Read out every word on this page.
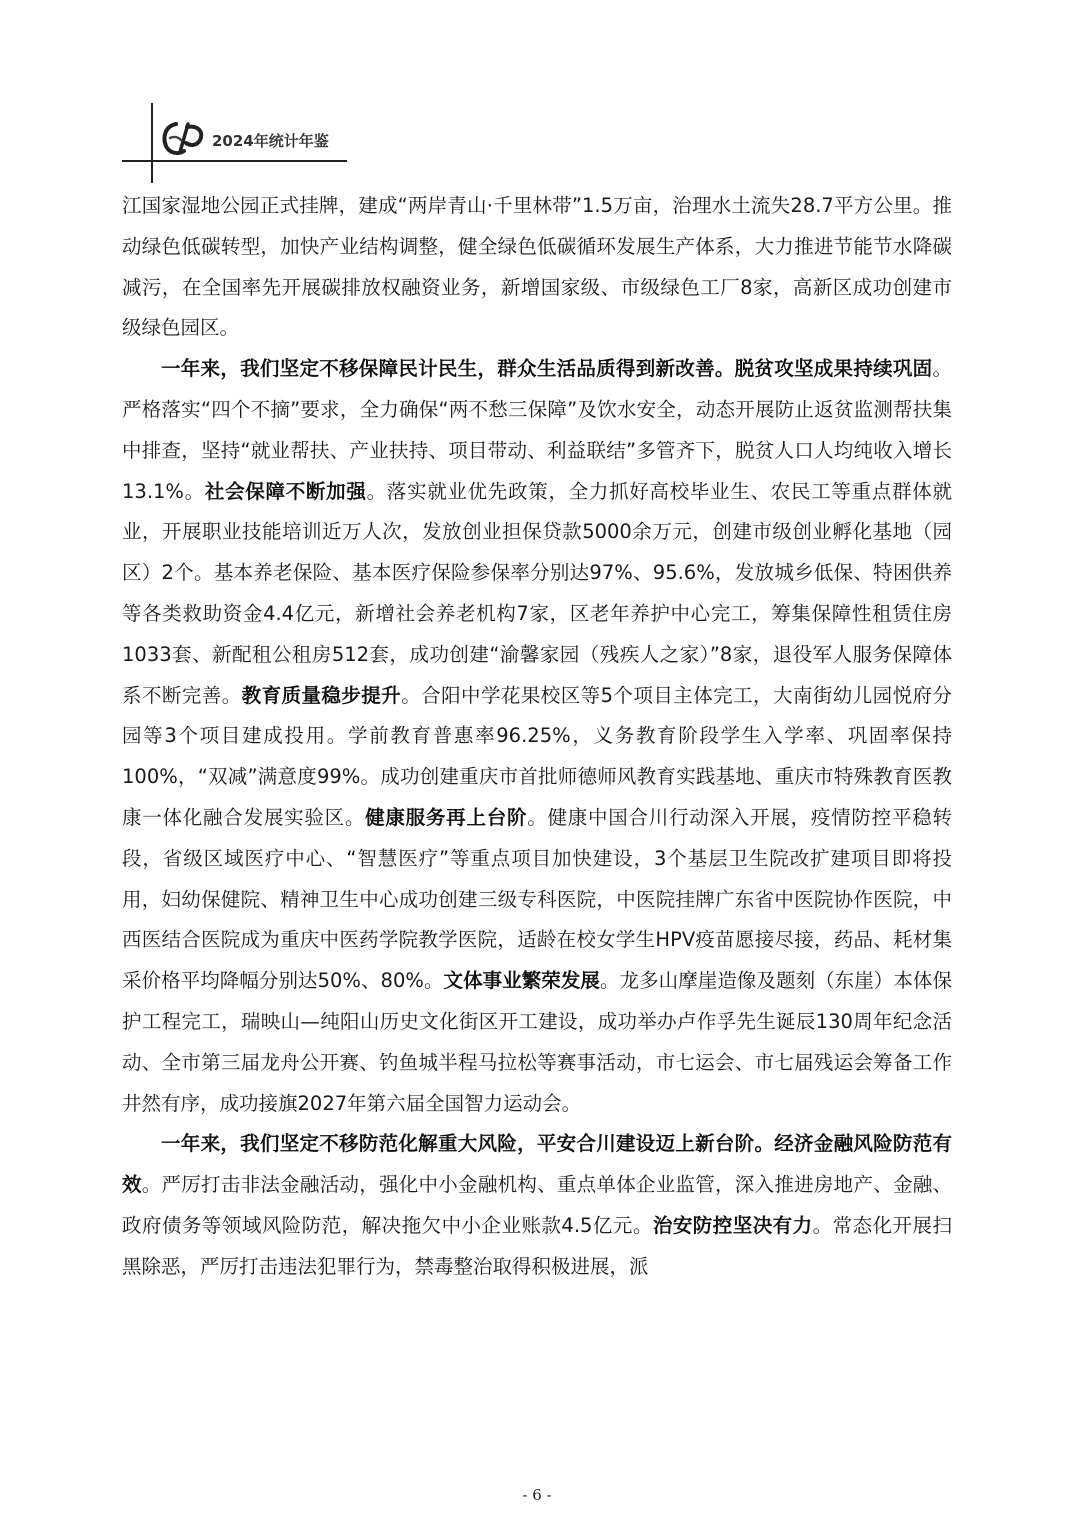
2024年统计年鉴

江国家湿地公园正式挂牌，建成“两岸青山·千里林带”1.5万亩，治理水土流失28.7平方公里。推动绿色低碳转型，加快产业结构调整，健全绿色低碳循环发展生产体系，大力推进节能节水降碳减污，在全国率先开展碳排放权融资业务，新增国家级、市级绿色工厂8家，高新区成功创建市级绿色园区。

一年来，我们坚定不移保障民计民生，群众生活品质得到新改善。脱贫攻坚成果持续巩固。严格落实“四个不摘”要求，全力确保“两不愁三保障”及饮水安全，动态开展防止返贫监测帮扶集中排查，坚持“就业帮扶、产业扶持、项目带动、利益联结”多管齐下，脱贫人口人均纯收入增长13.1%。社会保障不断加强。落实就业优先政策，全力抓好高校毕业生、农民工等重点群体就业，开展职业技能培训近万人次，发放创业担保贷款5000余万元，创建市级创业孵化基地（园区）2个。基本养老保险、基本医疗保险参保率分别达97%、95.6%，发放城乡低保、特困供养等各类救助资金4.4亿元，新增社会养老机构7家，区老年养护中心完工，筹集保障性租赁住房1033套、新配租公租房512套，成功创建“渝馨家园（残疾人之家）”8家，退役军人服务保障体系不断完善。教育质量稳步提升。合阳中学花果校区等5个项目主体完工，大南街幼儿园悦府分园等3个项目建成投用。学前教育普惠率96.25%，义务教育阶段学生入学率、巩固率保持100%，“双减”满意度99%。成功创建重庆市首批师德师风教育实践基地、重庆市特殊教育医教康一体化融合发展实验区。健康服务再上台阶。健康中国合川行动深入开展，疫情防控平稳转段，省级区域医疗中心、“智慧医疗”等重点项目加快建设，3个基层卫生院改扩建项目即将投用，妇幼保健院、精神卫生中心成功创建三级专科医院，中医院挂牌广东省中医院协作医院，中西医结合医院成为重庆中医药学院教学医院，适龄在校女学生HPV疫苗愿接尽接，药品、耗材集采价格平均降幅分别达50%、80%。文体事业繁荣发展。龙多山摩崖造像及题刻（东崖）本体保护工程完工，瑞映山—纯阳山历史文化街区开工建设，成功举办卢作孚先生诞辰130周年纪念活动、全市第三届龙舟公开赛、钓鱼城半程马拉松等赛事活动，市七运会、市七届残运会筹备工作井然有序，成功接旗2027年第六届全国智力运动会。

一年来，我们坚定不移防范化解重大风险，平安合川建设迈上新台阶。经济金融风险防范有效。严厉打击非法金融活动，强化中小金融机构、重点单体企业监管，深入推进房地产、金融、政府债务等领域风险防范，解决拖欠中小企业账款4.5亿元。治安防控坚决有力。常态化开展扫黑除恶，严厉打击违法犯罪行为，禁毒整治取得积极进展，派

- 6 -
